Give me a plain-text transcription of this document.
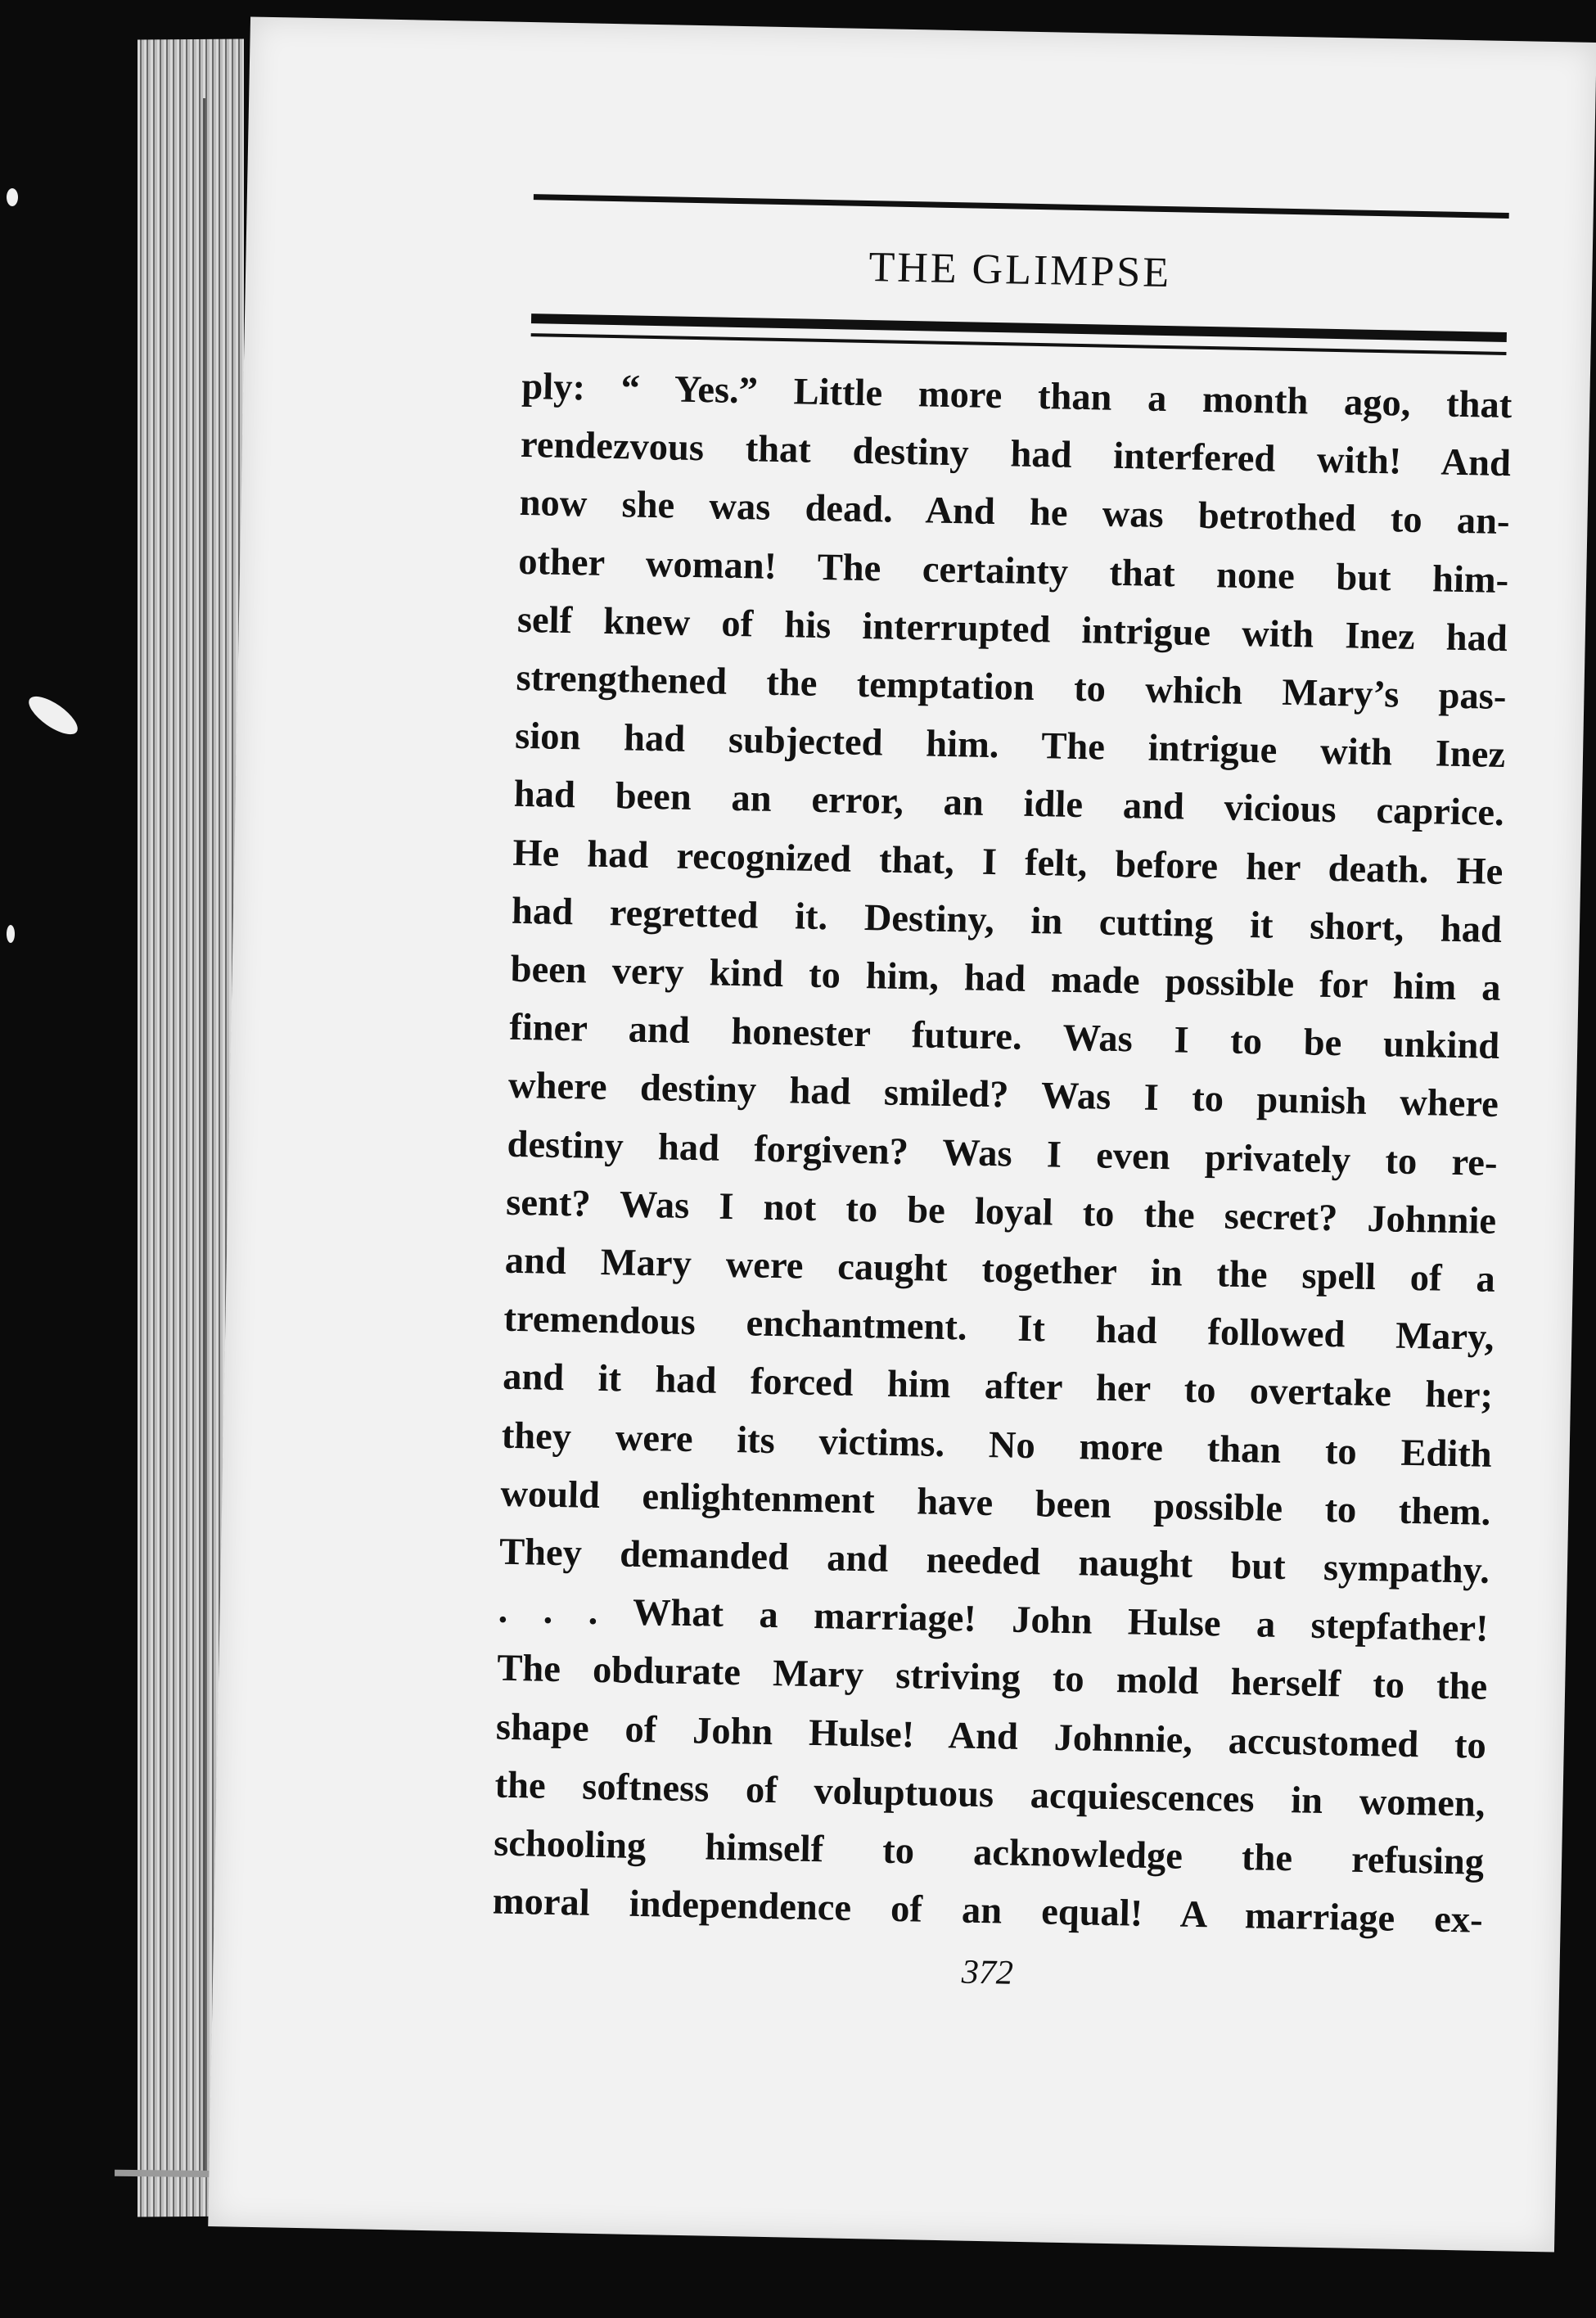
THE GLIMPSE
ply: “ Yes.” Little more than a month ago, that
rendezvous that destiny had interfered with! And
now she was dead. And he was betrothed to an-
other woman! The certainty that none but him-
self knew of his interrupted intrigue with Inez had
strengthened the temptation to which Mary’s pas-
sion had subjected him. The intrigue with Inez
had been an error, an idle and vicious caprice.
He had recognized that, I felt, before her death. He
had regretted it. Destiny, in cutting it short, had
been very kind to him, had made possible for him a
finer and honester future. Was I to be unkind
where destiny had smiled? Was I to punish where
destiny had forgiven? Was I even privately to re-
sent? Was I not to be loyal to the secret? Johnnie
and Mary were caught together in the spell of a
tremendous enchantment. It had followed Mary,
and it had forced him after her to overtake her;
they were its victims. No more than to Edith
would enlightenment have been possible to them.
They demanded and needed naught but sympathy.
. . . What a marriage! John Hulse a stepfather!
The obdurate Mary striving to mold herself to the
shape of John Hulse! And Johnnie, accustomed to
the softness of voluptuous acquiescences in women,
schooling himself to acknowledge the refusing
moral independence of an equal! A marriage ex-
372
